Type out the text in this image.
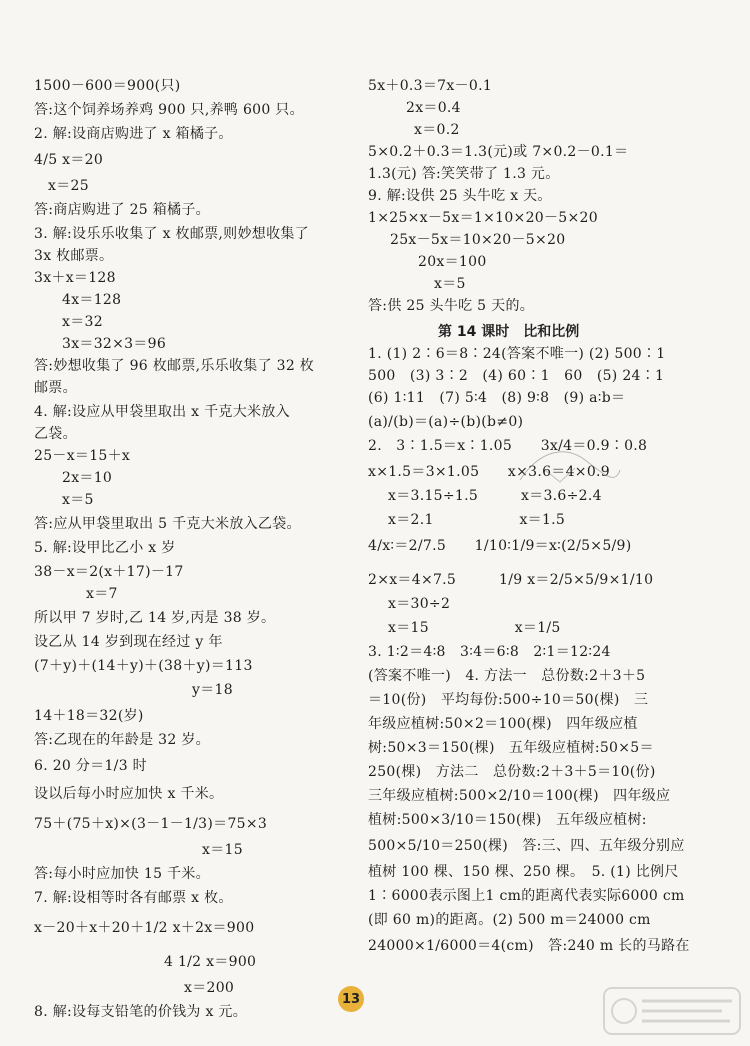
1500－600＝900(只)
答:这个饲养场养鸡 900 只,养鸭 600 只。
2. 解:设商店购进了 x 箱橘子。
4/5 x＝20
x＝25
答:商店购进了 25 箱橘子。
3. 解:设乐乐收集了 x 枚邮票,则妙想收集了
3x 枚邮票。
3x＋x＝128
4x＝128
x＝32
3x＝32×3＝96
答:妙想收集了 96 枚邮票,乐乐收集了 32 枚
邮票。
4. 解:设应从甲袋里取出 x 千克大米放入
乙袋。
25－x＝15＋x
2x＝10
x＝5
答:应从甲袋里取出 5 千克大米放入乙袋。
5. 解:设甲比乙小 x 岁
38－x＝2(x＋17)－17
x＝7
所以甲 7 岁时,乙 14 岁,丙是 38 岁。
设乙从 14 岁到现在经过 y 年
(7＋y)＋(14＋y)＋(38＋y)＝113
y＝18
14＋18＝32(岁)
答:乙现在的年龄是 32 岁。
6. 20 分＝1/3 时
设以后每小时应加快 x 千米。
75＋(75＋x)×(3－1－1/3)＝75×3
x＝15
答:每小时应加快 15 千米。
7. 解:设相等时各有邮票 x 枚。
x－20＋x＋20＋1/2 x＋2x＝900
4 1/2 x＝900
x＝200
8. 解:设每支铅笔的价钱为 x 元。
5x＋0.3＝7x－0.1
2x＝0.4
x＝0.2
5×0.2＋0.3＝1.3(元)或 7×0.2－0.1＝
1.3(元) 答:笑笑带了 1.3 元。
9. 解:设供 25 头牛吃 x 天。
1×25×x－5x＝1×10×20－5×20
25x－5x＝10×20－5×20
20x＝100
x＝5
答:供 25 头牛吃 5 天的。
第 14 课时　比和比例
1. (1) 2∶6＝8∶24(答案不唯一) (2) 500∶1
500　(3) 3∶2　(4) 60∶1　60　(5) 24∶1
(6) 1∶11　(7) 5∶4　(8) 9∶8　(9) a∶b＝
(a)/(b)＝(a)÷(b)(b≠0)
2.　3∶1.5＝x∶1.05　　3x/4＝0.9∶0.8
x×1.5＝3×1.05　　x×3.6＝4×0.9
x＝3.15÷1.5　　　x＝3.6÷2.4
x＝2.1　　　　　　x＝1.5
4/x∶＝2/7.5　　1/10∶1/9＝x∶(2/5×5/9)
2×x＝4×7.5　　　1/9 x＝2/5×5/9×1/10
x＝30÷2
x＝15　　　　　　x＝1/5
3. 1∶2＝4∶8　3∶4＝6∶8　2∶1＝12∶24
(答案不唯一)　4. 方法一　总份数:2＋3＋5
＝10(份)　平均每份:500÷10＝50(棵)　三
年级应植树:50×2＝100(棵)　四年级应植
树:50×3＝150(棵)　五年级应植树:50×5＝
250(棵)　方法二　总份数:2＋3＋5＝10(份)
三年级应植树:500×2/10＝100(棵)　四年级应
植树:500×3/10＝150(棵)　五年级应植树:
500×5/10＝250(棵)　答:三、四、五年级分别应
植树 100 棵、150 棵、250 棵。　5. (1) 比例尺
1∶6000表示图上1 cm的距离代表实际6000 cm
(即 60 m)的距离。(2) 500 m＝24000 cm
24000×1/6000＝4(cm)　答:240 m 长的马路在
13
